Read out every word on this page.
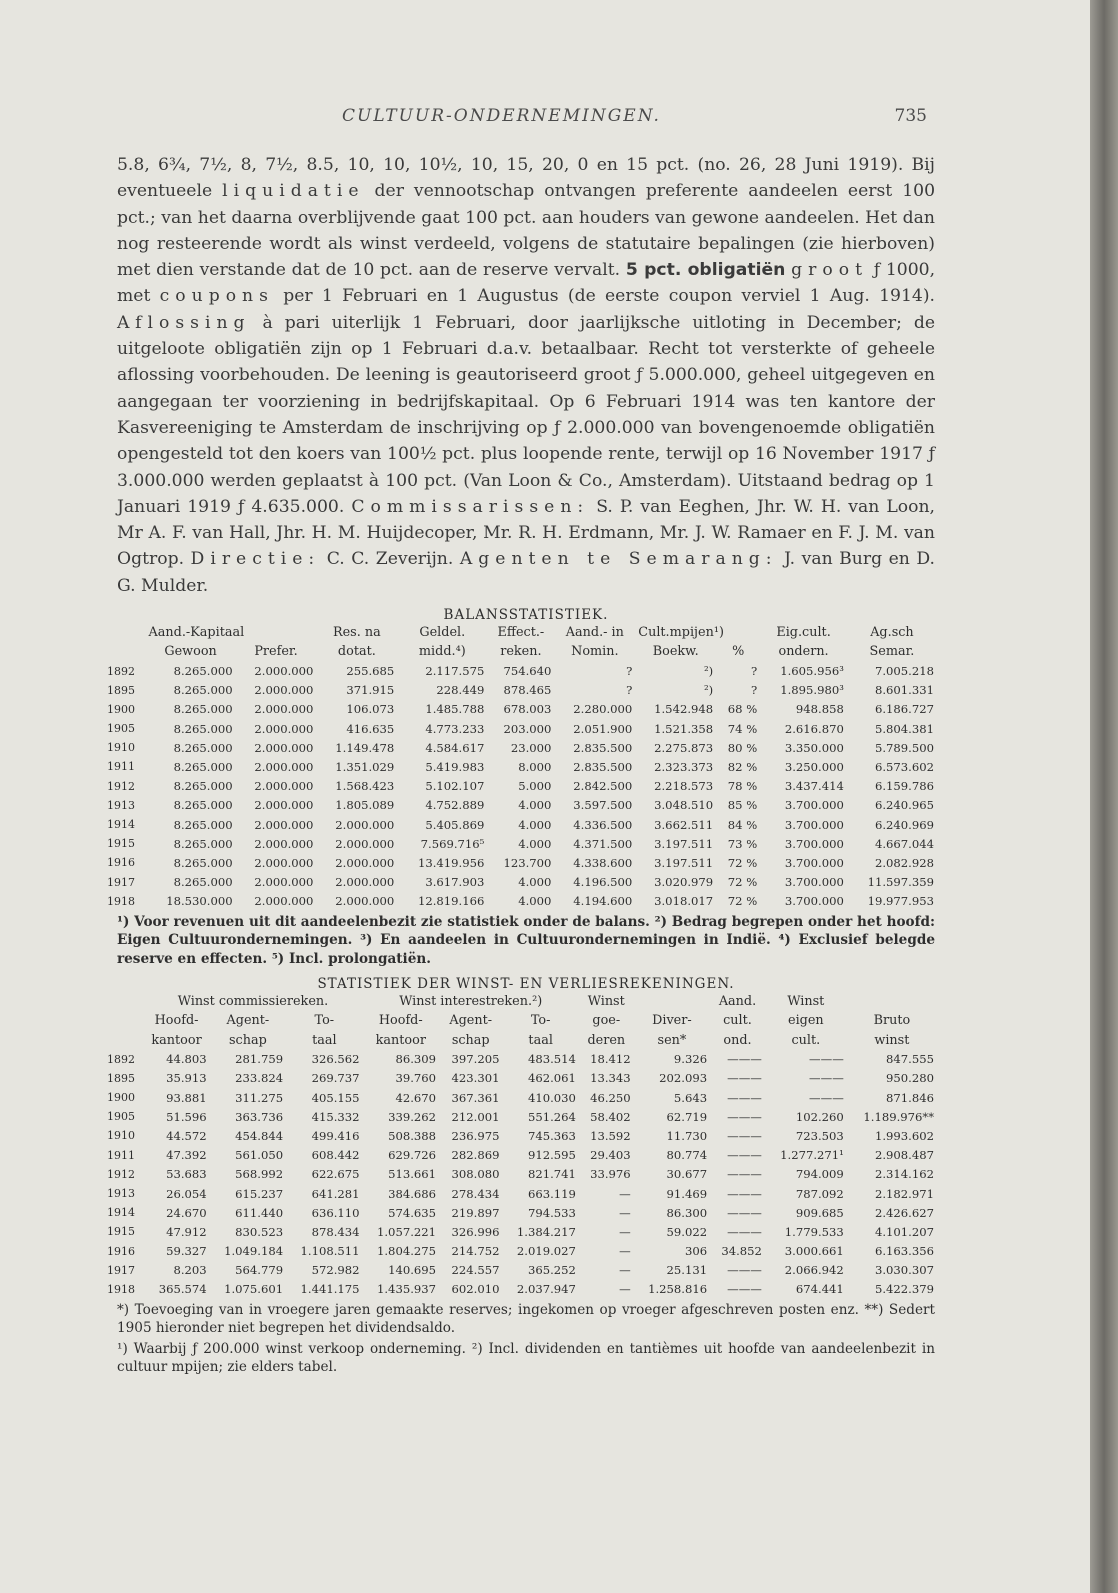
CULTUUR-ONDERNEMINGEN.	735
5.8, 6¾, 7½, 8, 7½, 8.5, 10, 10, 10½, 10, 15, 20, 0 en 15 pct. (no. 26, 28 Juni 1919). Bij eventueele liquidatie der vennootschap ontvangen preferente aandeelen eerst 100 pct.; van het daarna overblijvende gaat 100 pct. aan houders van gewone aandeelen. Het dan nog resteerende wordt als winst verdeeld, volgens de statutaire bepalingen (zie hierboven) met dien verstande dat de 10 pct. aan de reserve vervalt. 5 pct. obligatiën groot ƒ 1000, met coupons per 1 Februari en 1 Augustus (de eerste coupon verviel 1 Aug. 1914). Aflossing à pari uiterlijk 1 Februari, door jaarlijksche uitloting in December; de uitgeloote obligatiën zijn op 1 Februari d.a.v. betaalbaar. Recht tot versterkte of geheele aflossing voorbehouden. De leening is geautoriseerd groot ƒ 5.000.000, geheel uitgegeven en aangegaan ter voorziening in bedrijfskapitaal. Op 6 Februari 1914 was ten kantore der Kasvereeniging te Amsterdam de inschrijving op ƒ 2.000.000 van bovengenoemde obligatiën opengesteld tot den koers van 100½ pct. plus loopende rente, terwijl op 16 November 1917 ƒ 3.000.000 werden geplaatst à 100 pct. (Van Loon & Co., Amsterdam). Uitstaand bedrag op 1 Januari 1919 ƒ 4.635.000. Commissarissen: S. P. van Eeghen, Jhr. W. H. van Loon, Mr A. F. van Hall, Jhr. H. M. Huijdecoper, Mr. R. H. Erdmann, Mr. J. W. Ramaer en F. J. M. van Ogtrop. Directie: C. C. Zeverijn. Agenten te Semarang: J. van Burg en D. G. Mulder.
BALANSSTATISTIEK.
	Aand.-Kapitaal		Res. na	Geldel.	Effect.-	Aand.- in	Cult.mpijen¹)		Eig.cult.	Ag.sch
	Gewoon	Prefer.	dotat.	midd.⁴)	reken.	Nomin.	Boekw.	%	ondern.	Semar.
1892	8.265.000	2.000.000	255.685	2.117.575	754.640	?	²)	?	1.605.956³	7.005.218
1895	8.265.000	2.000.000	371.915	228.449	878.465	?	²)	?	1.895.980³	8.601.331
1900	8.265.000	2.000.000	106.073	1.485.788	678.003	2.280.000	1.542.948	68 %	948.858	6.186.727
1905	8.265.000	2.000.000	416.635	4.773.233	203.000	2.051.900	1.521.358	74 %	2.616.870	5.804.381
1910	8.265.000	2.000.000	1.149.478	4.584.617	23.000	2.835.500	2.275.873	80 %	3.350.000	5.789.500
1911	8.265.000	2.000.000	1.351.029	5.419.983	8.000	2.835.500	2.323.373	82 %	3.250.000	6.573.602
1912	8.265.000	2.000.000	1.568.423	5.102.107	5.000	2.842.500	2.218.573	78 %	3.437.414	6.159.786
1913	8.265.000	2.000.000	1.805.089	4.752.889	4.000	3.597.500	3.048.510	85 %	3.700.000	6.240.965
1914	8.265.000	2.000.000	2.000.000	5.405.869	4.000	4.336.500	3.662.511	84 %	3.700.000	6.240.969
1915	8.265.000	2.000.000	2.000.000	7.569.716⁵	4.000	4.371.500	3.197.511	73 %	3.700.000	4.667.044
1916	8.265.000	2.000.000	2.000.000	13.419.956	123.700	4.338.600	3.197.511	72 %	3.700.000	2.082.928
1917	8.265.000	2.000.000	2.000.000	3.617.903	4.000	4.196.500	3.020.979	72 %	3.700.000	11.597.359
1918	18.530.000	2.000.000	2.000.000	12.819.166	4.000	4.194.600	3.018.017	72 %	3.700.000	19.977.953

¹) Voor revenuen uit dit aandeelenbezit zie statistiek onder de balans. ²) Bedrag begrepen onder het hoofd: Eigen Cultuurondernemingen. ³) En aandeelen in Cultuurondernemingen in Indië. ⁴) Exclusief belegde reserve en effecten. ⁵) Incl. prolongatiën.

STATISTIEK DER WINST- EN VERLIESREKENINGEN.
	Winst commissiereken.			Winst interestreken.²)			Winst		Aand.	Winst	
	Hoofd-	Agent-	To-	Hoofd-	Agent-	To-	goe-	Diver-	cult.	eigen	Bruto
	kantoor	schap	taal	kantoor	schap	taal	deren	sen*	ond.	cult.	winst
1892	44.803	281.759	326.562	86.309	397.205	483.514	18.412	9.326	———	———	847.555
1895	35.913	233.824	269.737	39.760	423.301	462.061	13.343	202.093	———	———	950.280
1900	93.881	311.275	405.155	42.670	367.361	410.030	46.250	5.643	———	———	871.846
1905	51.596	363.736	415.332	339.262	212.001	551.264	58.402	62.719	———	102.260	1.189.976**
1910	44.572	454.844	499.416	508.388	236.975	745.363	13.592	11.730	———	723.503	1.993.602
1911	47.392	561.050	608.442	629.726	282.869	912.595	29.403	80.774	———	1.277.271¹	2.908.487
1912	53.683	568.992	622.675	513.661	308.080	821.741	33.976	30.677	———	794.009	2.314.162
1913	26.054	615.237	641.281	384.686	278.434	663.119	—	91.469	———	787.092	2.182.971
1914	24.670	611.440	636.110	574.635	219.897	794.533	—	86.300	———	909.685	2.426.627
1915	47.912	830.523	878.434	1.057.221	326.996	1.384.217	—	59.022	———	1.779.533	4.101.207
1916	59.327	1.049.184	1.108.511	1.804.275	214.752	2.019.027	—	306	34.852	3.000.661	6.163.356
1917	8.203	564.779	572.982	140.695	224.557	365.252	—	25.131	———	2.066.942	3.030.307
1918	365.574	1.075.601	1.441.175	1.435.937	602.010	2.037.947	—	1.258.816	———	674.441	5.422.379

*) Toevoeging van in vroegere jaren gemaakte reserves; ingekomen op vroeger afgeschreven posten enz. **) Sedert 1905 hieronder niet begrepen het dividendsaldo.

¹) Waarbij ƒ 200.000 winst verkoop onderneming. ²) Incl. dividenden en tantièmes uit hoofde van aandeelenbezit in cultuur mpijen; zie elders tabel.
